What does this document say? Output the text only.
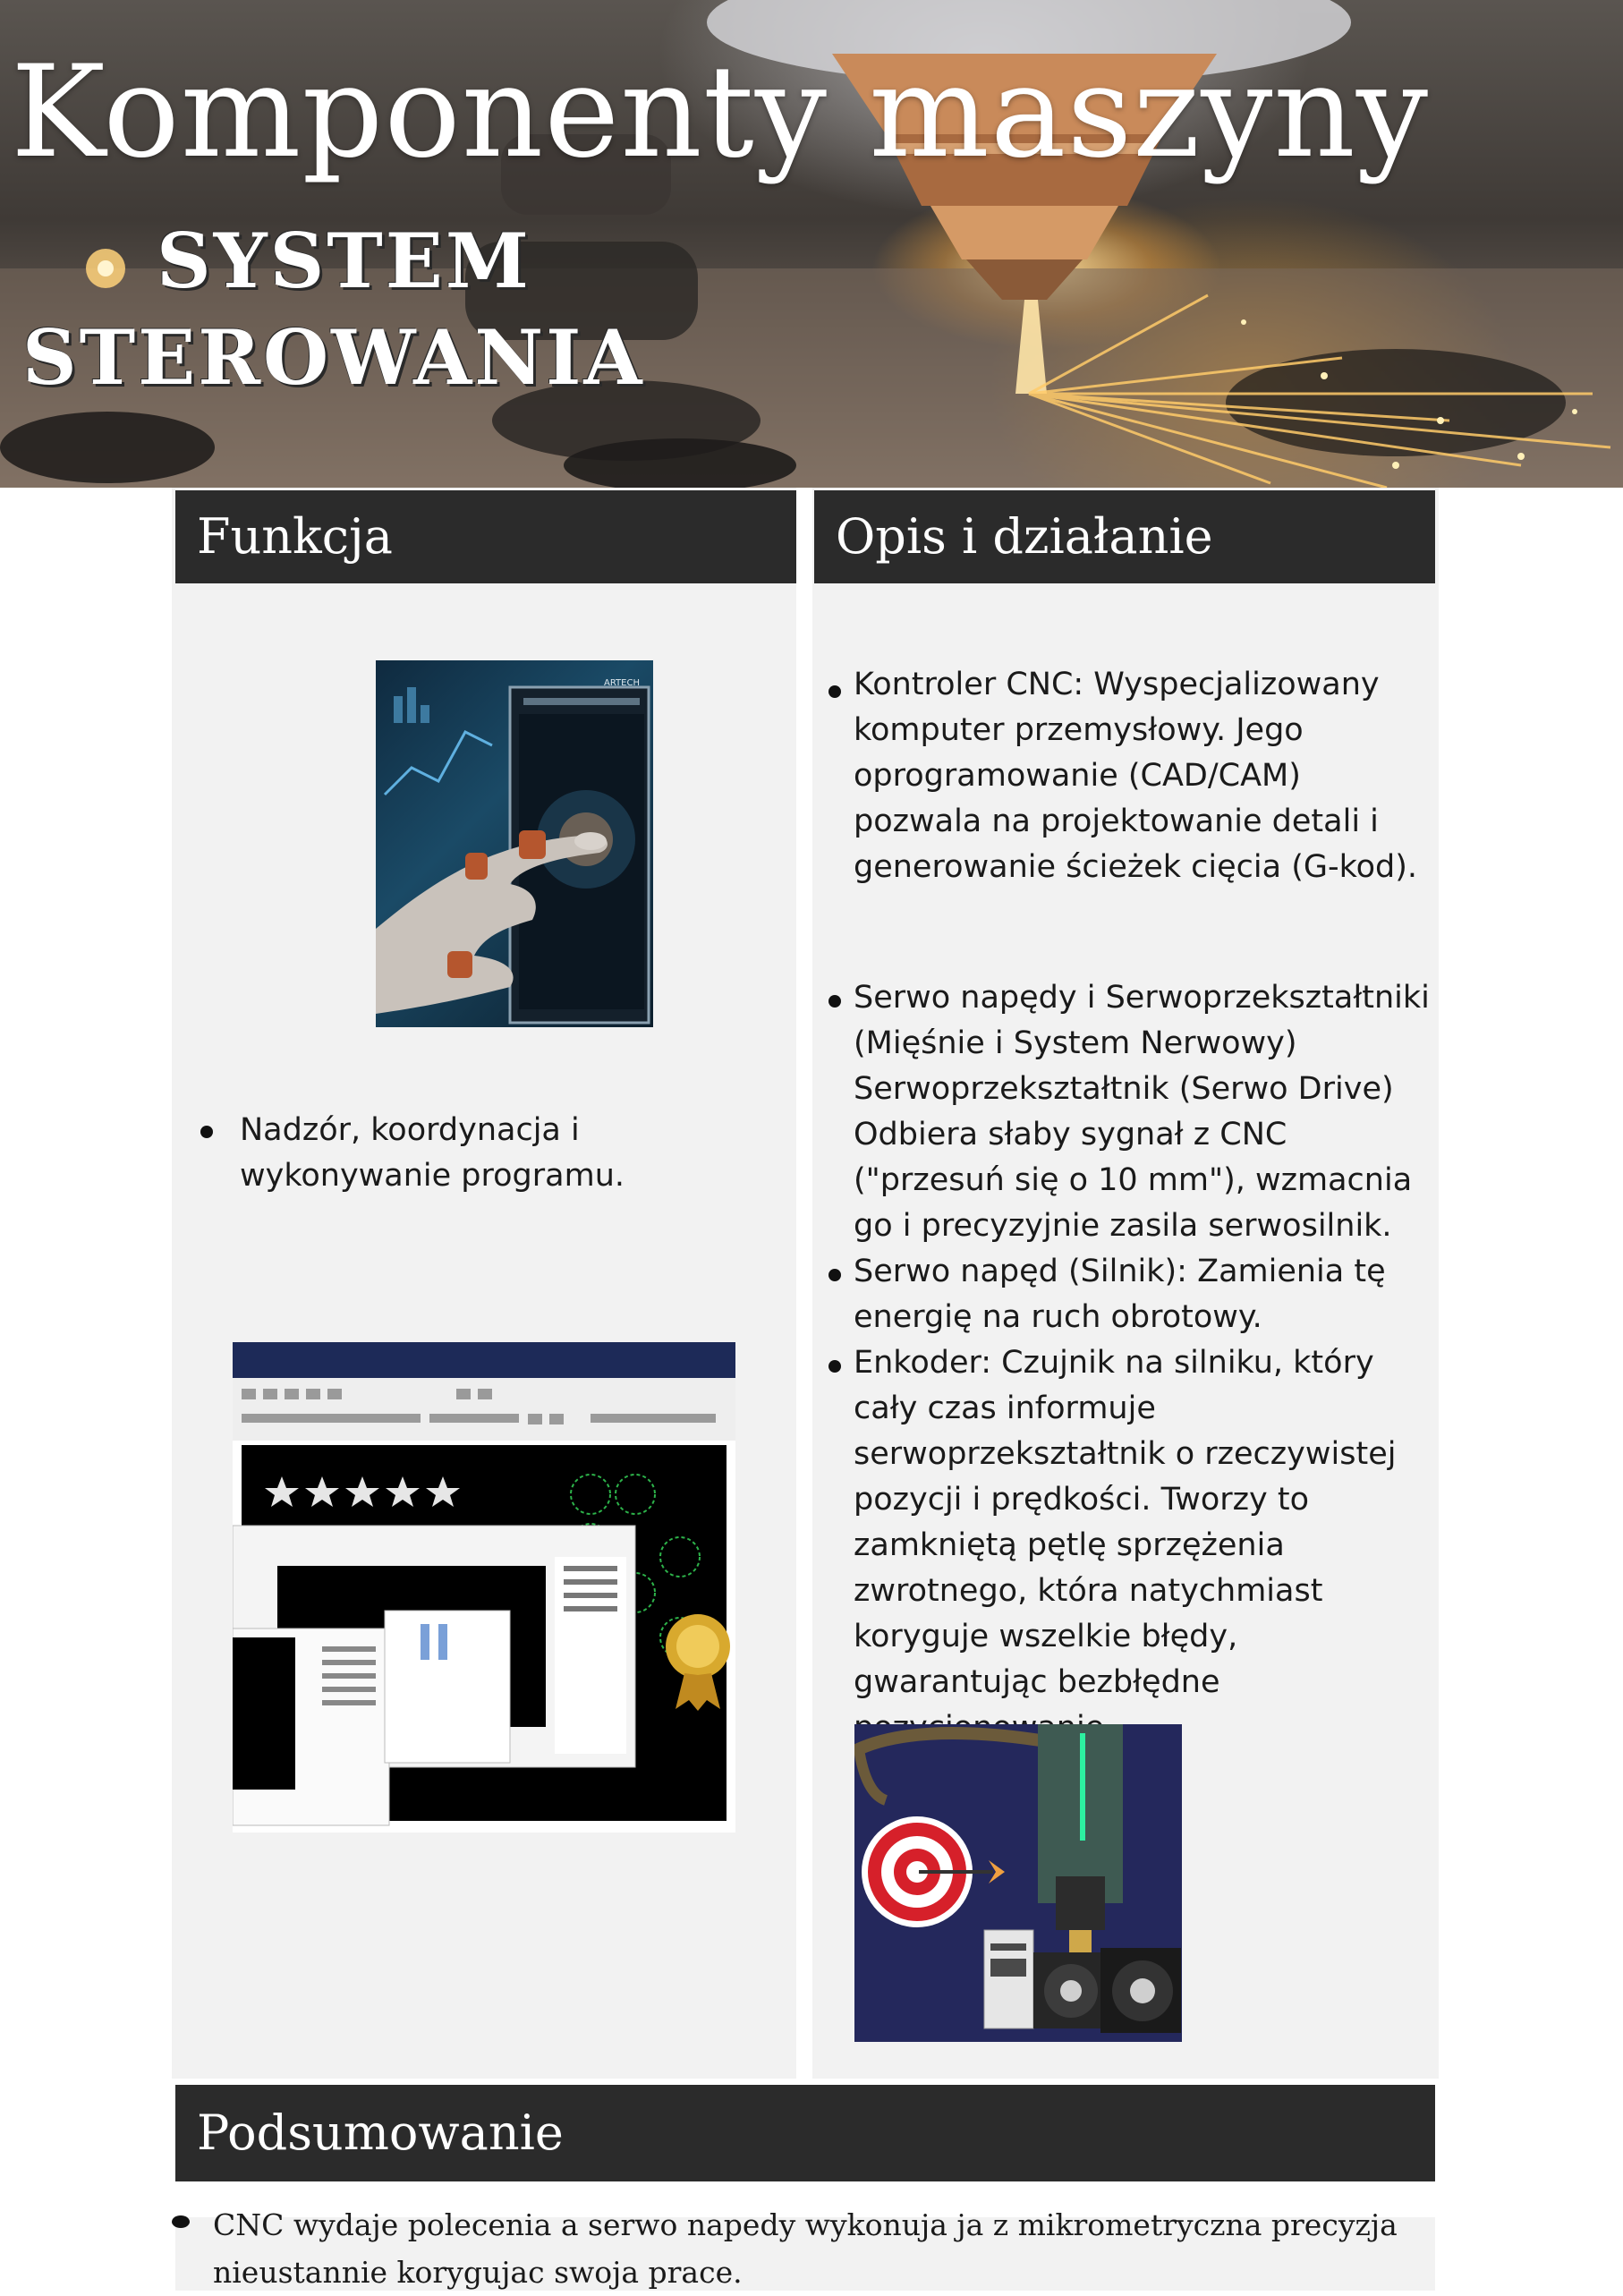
Komponenty maszyny
SYSTEM
STEROWANIA
Funkcja	Opis i działanie
ARTECH
Nadzór, koordynacja i wykonywanie programu.
Kontroler CNC: Wyspecjalizowany komputer przemysłowy. Jego oprogramowanie (CAD/CAM) pozwala na projektowanie detali i generowanie ścieżek cięcia (G-kod).
Serwo napędy i Serwoprzekształtniki (Mięśnie i System Nerwowy) Serwoprzekształtnik (Serwo Drive) Odbiera słaby sygnał z CNC ("przesuń się o 10 mm"), wzmacnia go i precyzyjnie zasila serwosilnik.
Serwo napęd (Silnik): Zamienia tę energię na ruch obrotowy.
Enkoder: Czujnik na silniku, który cały czas informuje serwoprzekształtnik o rzeczywistej pozycji i prędkości. Tworzy to zamkniętą pętlę sprzężenia zwrotnego, która natychmiast koryguje wszelkie błędy, gwarantując bezbłędne
Podsumowanie
CNC wydaje polecenia a serwo napedy wykonuja ja z mikrometryczna precyzja nieustannie korygujac swoja prace.
